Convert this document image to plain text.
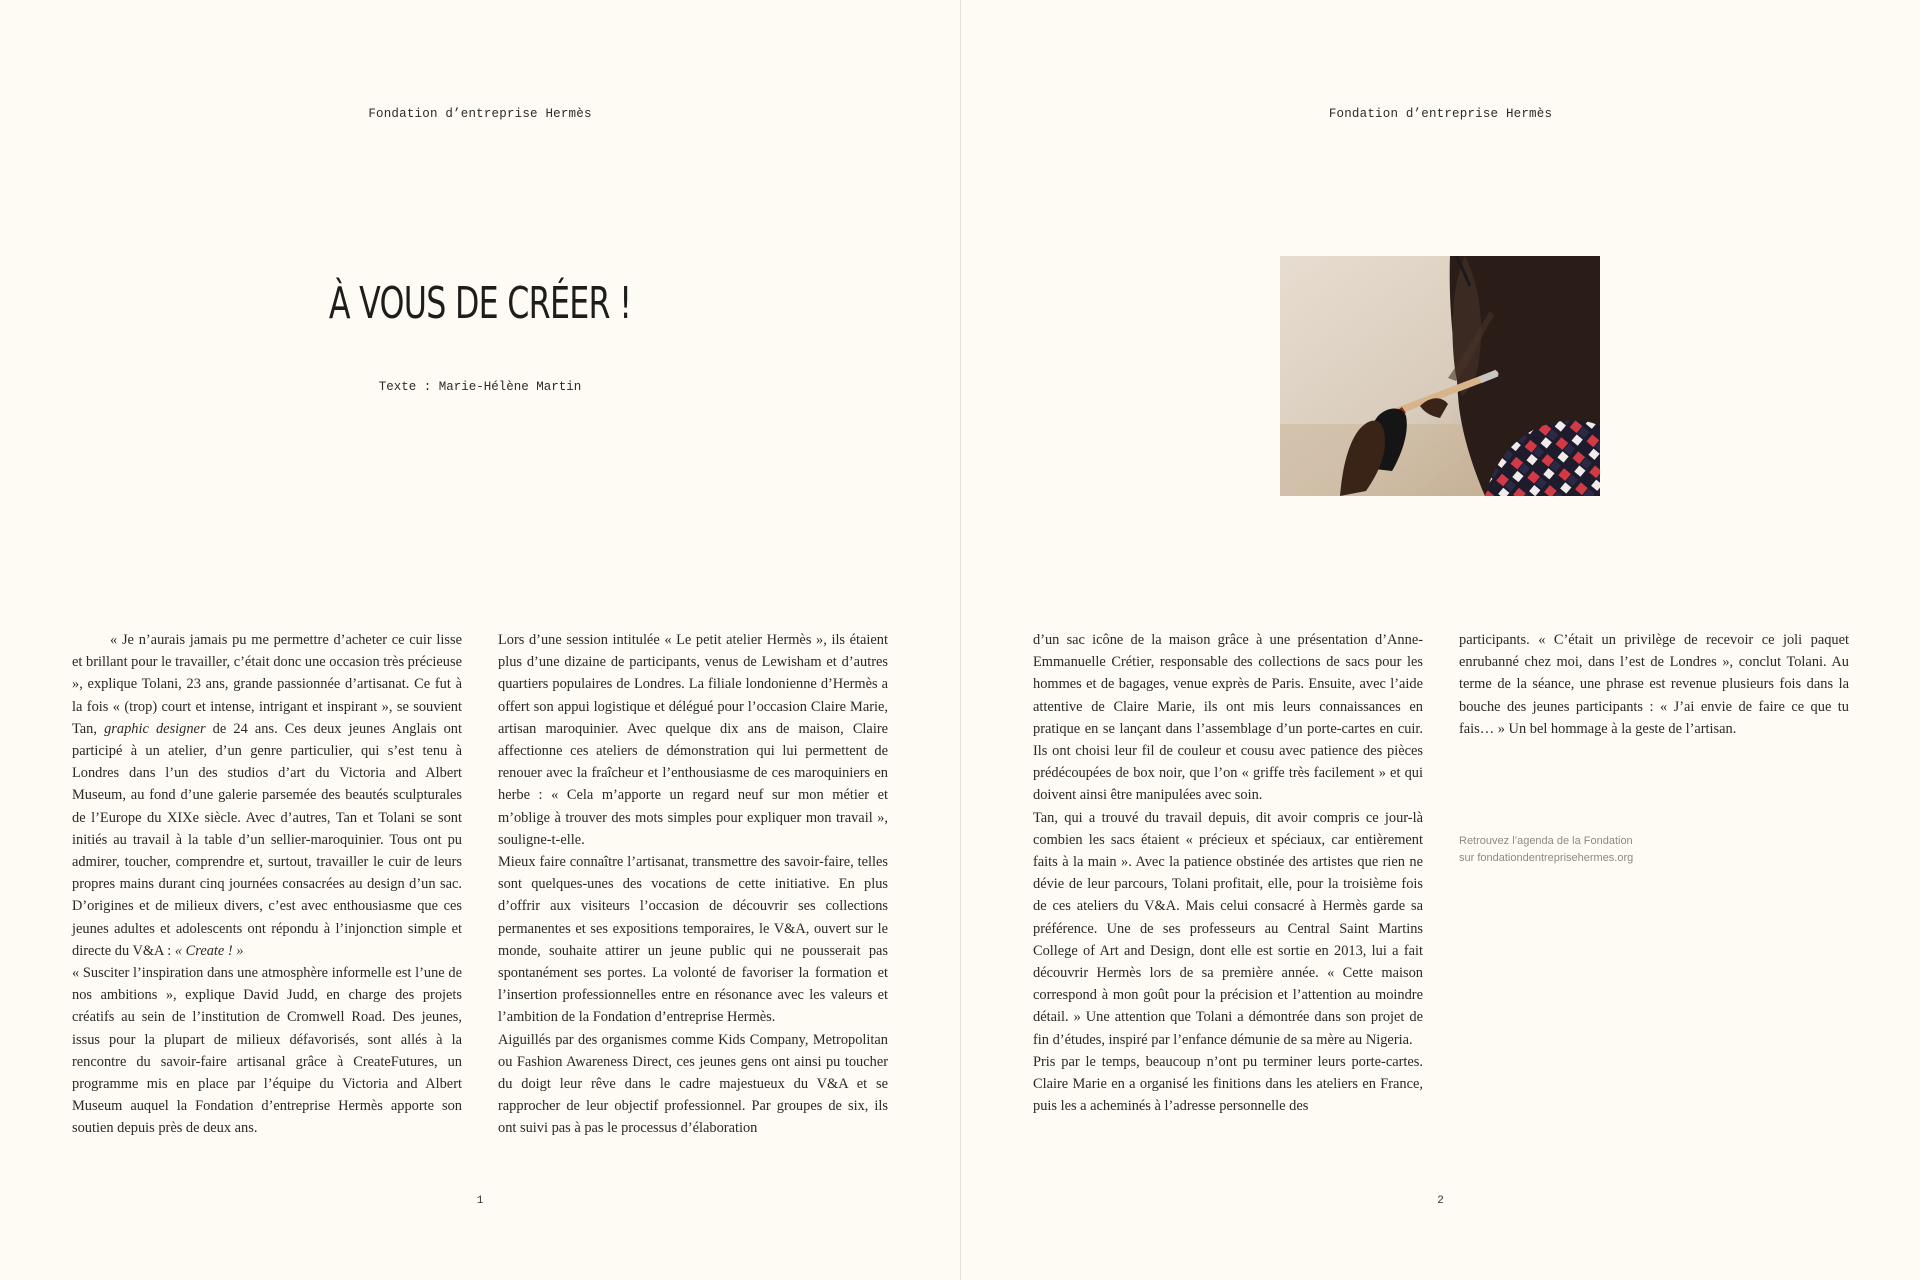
Fondation d’entreprise Hermès
À VOUS DE CRÉER !
Texte : Marie-Hélène Martin

« Je n’aurais jamais pu me permettre d’acheter ce cuir lisse et brillant pour le travailler, c’était donc une occasion très précieuse », explique Tolani, 23 ans, grande passionnée d’artisanat. Ce fut à la fois « (trop) court et intense, intrigant et inspirant », se souvient Tan, graphic designer de 24 ans. Ces deux jeunes Anglais ont participé à un atelier, d’un genre particulier, qui s’est tenu à Londres dans l’un des studios d’art du Victoria and Albert Museum, au fond d’une galerie parsemée des beautés sculpturales de l’Europe du XIXe siècle. Avec d’autres, Tan et Tolani se sont initiés au travail à la table d’un sellier-maroquinier. Tous ont pu admirer, toucher, comprendre et, surtout, travailler le cuir de leurs propres mains durant cinq journées consacrées au design d’un sac. D’origines et de milieux divers, c’est avec enthousiasme que ces jeunes adultes et adolescents ont répondu à l’injonction simple et directe du V&A : « Create ! »

« Susciter l’inspiration dans une atmosphère informelle est l’une de nos ambitions », explique David Judd, en charge des projets créatifs au sein de l’institution de Cromwell Road. Des jeunes, issus pour la plupart de milieux défavorisés, sont allés à la rencontre du savoir-faire artisanal grâce à CreateFutures, un programme mis en place par l’équipe du Victoria and Albert Museum auquel la Fondation d’entreprise Hermès apporte son soutien depuis près de deux ans.

Lors d’une session intitulée « Le petit atelier Hermès », ils étaient plus d’une dizaine de participants, venus de Lewisham et d’autres quartiers populaires de Londres. La filiale londonienne d’Hermès a offert son appui logistique et délégué pour l’occasion Claire Marie, artisan maroquinier. Avec quelque dix ans de maison, Claire affectionne ces ateliers de démonstration qui lui permettent de renouer avec la fraîcheur et l’enthousiasme de ces maroquiniers en herbe : « Cela m’apporte un regard neuf sur mon métier et m’oblige à trouver des mots simples pour expliquer mon travail », souligne-t-elle.

Mieux faire connaître l’artisanat, transmettre des savoir-faire, telles sont quelques-unes des vocations de cette initiative. En plus d’offrir aux visiteurs l’occasion de découvrir ses collections permanentes et ses expositions temporaires, le V&A, ouvert sur le monde, souhaite attirer un jeune public qui ne pousserait pas spontanément ses portes. La volonté de favoriser la formation et l’insertion professionnelles entre en résonance avec les valeurs et l’ambition de la Fondation d’entreprise Hermès.

Aiguillés par des organismes comme Kids Company, Metropolitan ou Fashion Awareness Direct, ces jeunes gens ont ainsi pu toucher du doigt leur rêve dans le cadre majestueux du V&A et se rapprocher de leur objectif professionnel. Par groupes de six, ils ont suivi pas à pas le processus d’élaboration

1
Fondation d’entreprise Hermès

d’un sac icône de la maison grâce à une présentation d’Anne-Emmanuelle Crétier, responsable des collections de sacs pour les hommes et de bagages, venue exprès de Paris. Ensuite, avec l’aide attentive de Claire Marie, ils ont mis leurs connaissances en pratique en se lançant dans l’assemblage d’un porte-cartes en cuir. Ils ont choisi leur fil de couleur et cousu avec patience des pièces prédécoupées de box noir, que l’on « griffe très facilement » et qui doivent ainsi être manipulées avec soin.

Tan, qui a trouvé du travail depuis, dit avoir compris ce jour-là combien les sacs étaient « précieux et spéciaux, car entièrement faits à la main ». Avec la patience obstinée des artistes que rien ne dévie de leur parcours, Tolani profitait, elle, pour la troisième fois de ces ateliers du V&A. Mais celui consacré à Hermès garde sa préférence. Une de ses professeurs au Central Saint Martins College of Art and Design, dont elle est sortie en 2013, lui a fait découvrir Hermès lors de sa première année. « Cette maison correspond à mon goût pour la précision et l’attention au moindre détail. » Une attention que Tolani a démontrée dans son projet de fin d’études, inspiré par l’enfance démunie de sa mère au Nigeria.

Pris par le temps, beaucoup n’ont pu terminer leurs porte-cartes. Claire Marie en a organisé les finitions dans les ateliers en France, puis les a acheminés à l’adresse personnelle des

participants. « C’était un privilège de recevoir ce joli paquet enrubanné chez moi, dans l’est de Londres », conclut Tolani. Au terme de la séance, une phrase est revenue plusieurs fois dans la bouche des jeunes participants : « J’ai envie de faire ce que tu fais… » Un bel hommage à la geste de l’artisan.

Retrouvez l’agenda de la Fondation
sur fondationdentreprisehermes.org
2
